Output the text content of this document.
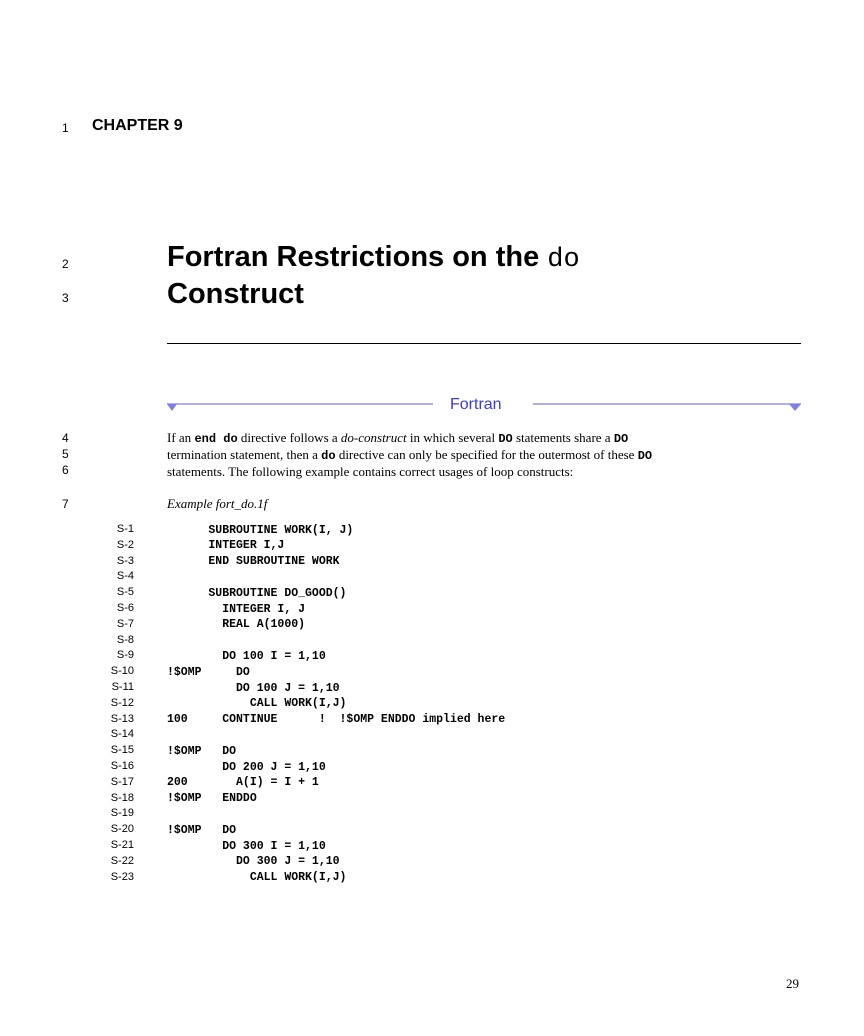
1 CHAPTER 9
2
3
Fortran Restrictions on the do
Construct
Fortran
4
5
6
If an end do directive follows a do-construct in which several DO statements share a DO
termination statement, then a do directive can only be specified for the outermost of these DO
statements. The following example contains correct usages of loop constructs:
7	Example fort_do.1f
S-1	SUBROUTINE WORK(I, J)
S-2	INTEGER I,J
S-3	END SUBROUTINE WORK
S-4
S-5	SUBROUTINE DO_GOOD()
S-6	INTEGER I, J
S-7	REAL A(1000)
S-8
S-9	DO 100 I = 1,10
S-10	!$OMP     DO
S-11	DO 100 J = 1,10
S-12	CALL WORK(I,J)
S-13	100     CONTINUE      !  !$OMP ENDDO implied here
S-14
S-15	!$OMP   DO
S-16	DO 200 J = 1,10
S-17	200       A(I) = I + 1
S-18	!$OMP   ENDDO
S-19
S-20	!$OMP   DO
S-21	DO 300 I = 1,10
S-22	DO 300 J = 1,10
S-23	CALL WORK(I,J)
29
